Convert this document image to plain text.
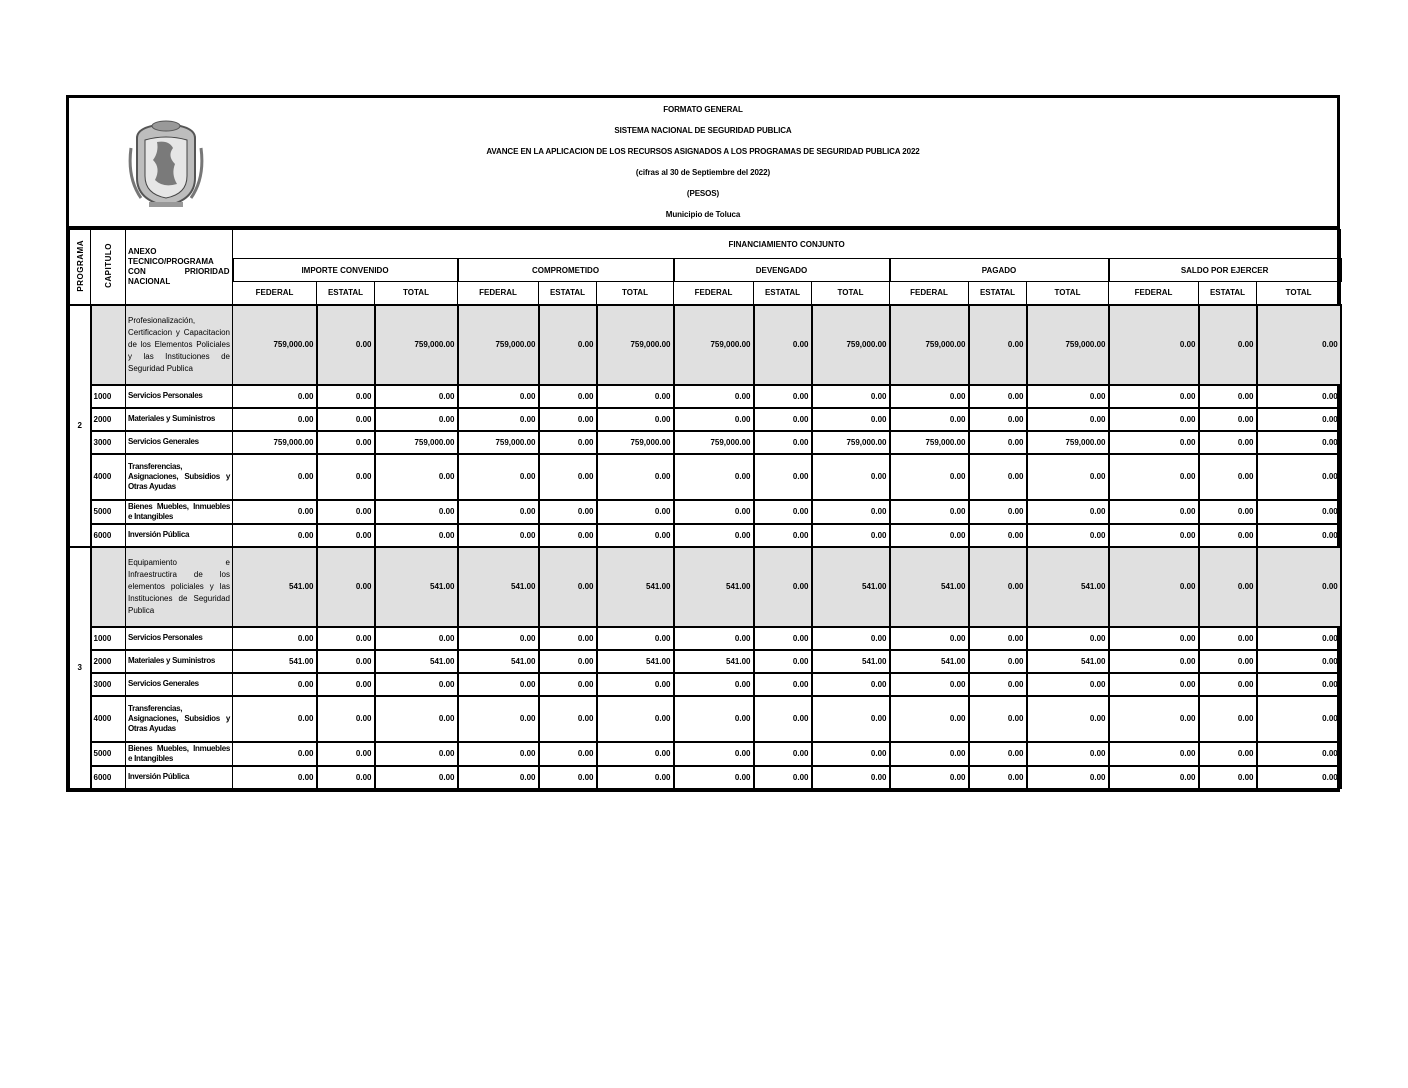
FORMATO GENERAL
SISTEMA NACIONAL DE SEGURIDAD PUBLICA
AVANCE EN LA APLICACION DE LOS RECURSOS ASIGNADOS A LOS PROGRAMAS DE SEGURIDAD PUBLICA 2022
(cifras al 30 de Septiembre del 2022)
(PESOS)
Municipio de Toluca
PROGRAMA	CAPITULO	ANEXO TECNICO/PROGRAMA CON PRIORIDAD NACIONAL	FINANCIAMIENTO CONJUNTO														
			IMPORTE CONVENIDO			COMPROMETIDO			DEVENGADO			PAGADO			SALDO POR EJERCER		
			FEDERAL	ESTATAL	TOTAL	FEDERAL	ESTATAL	TOTAL	FEDERAL	ESTATAL	TOTAL	FEDERAL	ESTATAL	TOTAL	FEDERAL	ESTATAL	TOTAL
2		Profesionalización, Certificacion y Capacitacion de los Elementos Policiales y las Instituciones de Seguridad Publica	759,000.00	0.00	759,000.00	759,000.00	0.00	759,000.00	759,000.00	0.00	759,000.00	759,000.00	0.00	759,000.00	0.00	0.00	0.00
	1000	Servicios Personales	0.00	0.00	0.00	0.00	0.00	0.00	0.00	0.00	0.00	0.00	0.00	0.00	0.00	0.00	0.00
	2000	Materiales y Suministros	0.00	0.00	0.00	0.00	0.00	0.00	0.00	0.00	0.00	0.00	0.00	0.00	0.00	0.00	0.00
	3000	Servicios Generales	759,000.00	0.00	759,000.00	759,000.00	0.00	759,000.00	759,000.00	0.00	759,000.00	759,000.00	0.00	759,000.00	0.00	0.00	0.00
	4000	Transferencias, Asignaciones, Subsidios y Otras Ayudas	0.00	0.00	0.00	0.00	0.00	0.00	0.00	0.00	0.00	0.00	0.00	0.00	0.00	0.00	0.00
	5000	Bienes Muebles, Inmuebles e Intangibles	0.00	0.00	0.00	0.00	0.00	0.00	0.00	0.00	0.00	0.00	0.00	0.00	0.00	0.00	0.00
	6000	Inversión Pública	0.00	0.00	0.00	0.00	0.00	0.00	0.00	0.00	0.00	0.00	0.00	0.00	0.00	0.00	0.00
3		Equipamiento e Infraestructira de los elementos policiales y las Instituciones de Seguridad Publica	541.00	0.00	541.00	541.00	0.00	541.00	541.00	0.00	541.00	541.00	0.00	541.00	0.00	0.00	0.00
	1000	Servicios Personales	0.00	0.00	0.00	0.00	0.00	0.00	0.00	0.00	0.00	0.00	0.00	0.00	0.00	0.00	0.00
	2000	Materiales y Suministros	541.00	0.00	541.00	541.00	0.00	541.00	541.00	0.00	541.00	541.00	0.00	541.00	0.00	0.00	0.00
	3000	Servicios Generales	0.00	0.00	0.00	0.00	0.00	0.00	0.00	0.00	0.00	0.00	0.00	0.00	0.00	0.00	0.00
	4000	Transferencias, Asignaciones, Subsidios y Otras Ayudas	0.00	0.00	0.00	0.00	0.00	0.00	0.00	0.00	0.00	0.00	0.00	0.00	0.00	0.00	0.00
	5000	Bienes Muebles, Inmuebles e Intangibles	0.00	0.00	0.00	0.00	0.00	0.00	0.00	0.00	0.00	0.00	0.00	0.00	0.00	0.00	0.00
	6000	Inversión Pública	0.00	0.00	0.00	0.00	0.00	0.00	0.00	0.00	0.00	0.00	0.00	0.00	0.00	0.00	0.00
